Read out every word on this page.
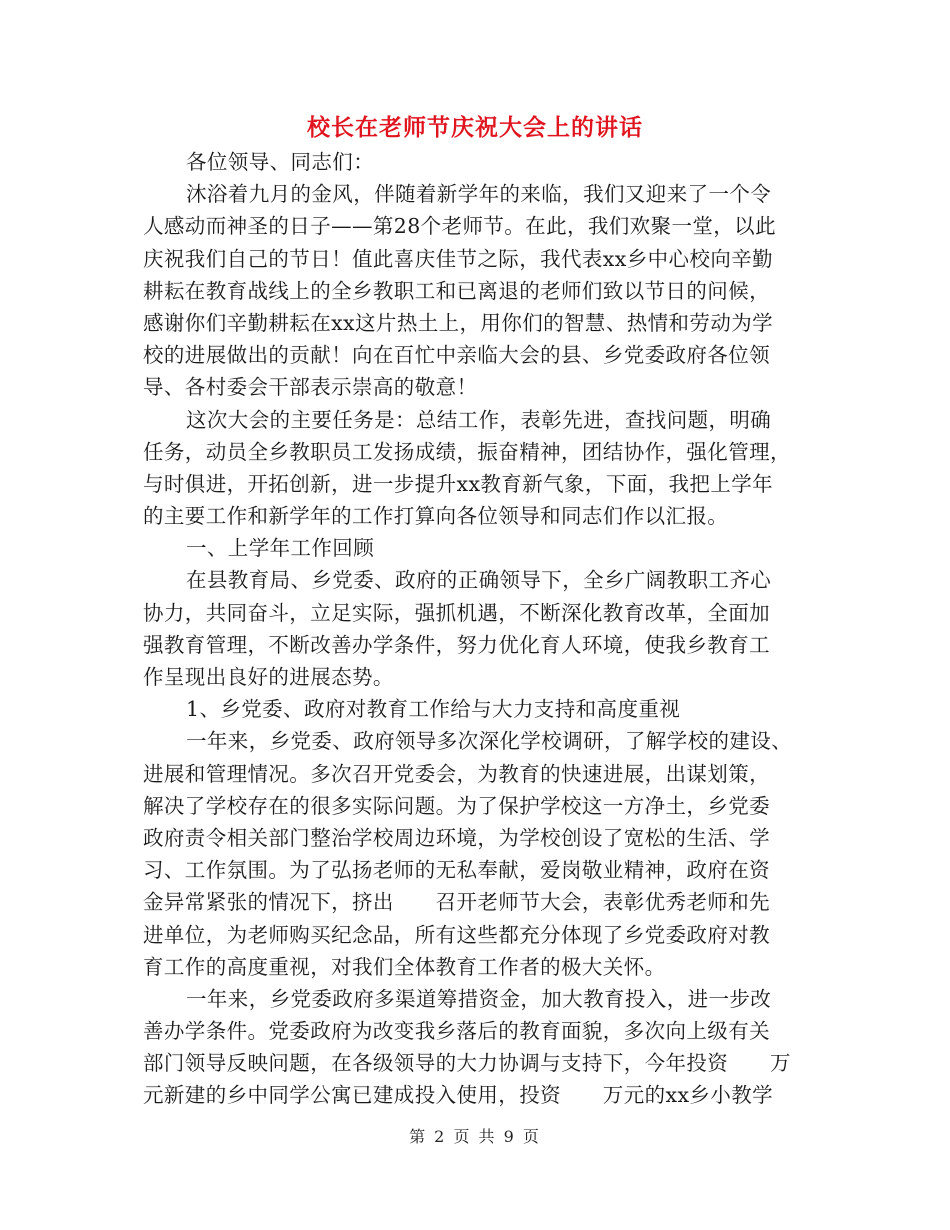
校长在老师节庆祝大会上的讲话
各位领导、同志们：
沐浴着九月的金风，伴随着新学年的来临，我们又迎来了一个令
人感动而神圣的日子——第28个老师节。在此，我们欢聚一堂，以此
庆祝我们自己的节日！值此喜庆佳节之际，我代表xx乡中心校向辛勤
耕耘在教育战线上的全乡教职工和已离退的老师们致以节日的问候，
感谢你们辛勤耕耘在xx这片热土上，用你们的智慧、热情和劳动为学
校的进展做出的贡献！向在百忙中亲临大会的县、乡党委政府各位领
导、各村委会干部表示崇高的敬意！
这次大会的主要任务是：总结工作，表彰先进，查找问题，明确
任务，动员全乡教职员工发扬成绩，振奋精神，团结协作，强化管理，
与时俱进，开拓创新，进一步提升xx教育新气象，下面，我把上学年
的主要工作和新学年的工作打算向各位领导和同志们作以汇报。
一、上学年工作回顾
在县教育局、乡党委、政府的正确领导下，全乡广阔教职工齐心
协力，共同奋斗，立足实际，强抓机遇，不断深化教育改革，全面加
强教育管理，不断改善办学条件，努力优化育人环境，使我乡教育工
作呈现出良好的进展态势。
1、乡党委、政府对教育工作给与大力支持和高度重视
一年来，乡党委、政府领导多次深化学校调研，了解学校的建设、
进展和管理情况。多次召开党委会，为教育的快速进展，出谋划策，
解决了学校存在的很多实际问题。为了保护学校这一方净土，乡党委
政府责令相关部门整治学校周边环境，为学校创设了宽松的生活、学
习、工作氛围。为了弘扬老师的无私奉献，爱岗敬业精神，政府在资
金异常紧张的情况下，挤出　　召开老师节大会，表彰优秀老师和先
进单位，为老师购买纪念品，所有这些都充分体现了乡党委政府对教
育工作的高度重视，对我们全体教育工作者的极大关怀。
一年来，乡党委政府多渠道筹措资金，加大教育投入，进一步改
善办学条件。党委政府为改变我乡落后的教育面貌，多次向上级有关
部门领导反映问题，在各级领导的大力协调与支持下，今年投资　　万
元新建的乡中同学公寓已建成投入使用，投资　　万元的xx乡小教学
第 2 页 共 9 页
